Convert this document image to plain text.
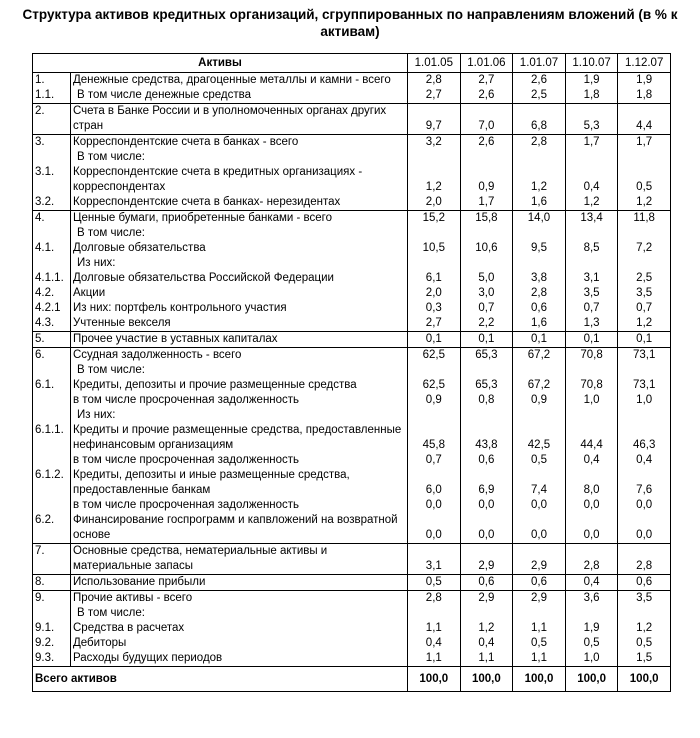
Структура активов кредитных организаций, сгруппированных по направлениям вложений (в % к активам)
Активы		1.01.05	1.01.06	1.01.07	1.10.07	1.12.07
1.	Денежные средства, драгоценные металлы и камни - всего	2,8	2,7	2,6	1,9	1,9
1.1.	В том числе денежные средства	2,7	2,6	2,5	1,8	1,8
2.	Счета в Банке России и в уполномоченных органах других стран	9,7	7,0	6,8	5,3	4,4
3.	Корреспондентские счета в банках - всего	3,2	2,6	2,8	1,7	1,7
	В том числе:					
3.1.	Корреспондентские счета в кредитных организациях - корреспондентах	1,2	0,9	1,2	0,4	0,5
3.2.	Корреспондентские счета в банках- нерезидентах	2,0	1,7	1,6	1,2	1,2
4.	Ценные бумаги, приобретенные банками - всего	15,2	15,8	14,0	13,4	11,8
	В том числе:					
4.1.	Долговые обязательства	10,5	10,6	9,5	8,5	7,2
	Из них:					
4.1.1.	Долговые обязательства Российской Федерации	6,1	5,0	3,8	3,1	2,5
4.2.	Акции	2,0	3,0	2,8	3,5	3,5
4.2.1	Из них: портфель контрольного участия	0,3	0,7	0,6	0,7	0,7
4.3.	Учтенные векселя	2,7	2,2	1,6	1,3	1,2
5.	Прочее участие в уставных капиталах	0,1	0,1	0,1	0,1	0,1
6.	Ссудная задолженность - всего	62,5	65,3	67,2	70,8	73,1
	В том числе:					
6.1.	Кредиты, депозиты и прочие размещенные средства	62,5	65,3	67,2	70,8	73,1
	в том числе просроченная задолженность	0,9	0,8	0,9	1,0	1,0
	Из них:					
6.1.1.	Кредиты и прочие размещенные средства, предоставленные нефинансовым организациям	45,8	43,8	42,5	44,4	46,3
	в том числе просроченная задолженность	0,7	0,6	0,5	0,4	0,4
6.1.2.	Кредиты, депозиты и иные размещенные средства, предоставленные банкам	6,0	6,9	7,4	8,0	7,6
	в том числе просроченная задолженность	0,0	0,0	0,0	0,0	0,0
6.2.	Финансирование госпрограмм и капвложений на возвратной основе	0,0	0,0	0,0	0,0	0,0
7.	Основные средства, нематериальные активы и материальные запасы	3,1	2,9	2,9	2,8	2,8
8.	Использование прибыли	0,5	0,6	0,6	0,4	0,6
9.	Прочие активы - всего	2,8	2,9	2,9	3,6	3,5
	В том числе:					
9.1.	Средства в расчетах	1,1	1,2	1,1	1,9	1,2
9.2.	Дебиторы	0,4	0,4	0,5	0,5	0,5
9.3.	Расходы будущих периодов	1,1	1,1	1,1	1,0	1,5
Всего активов		100,0	100,0	100,0	100,0	100,0
